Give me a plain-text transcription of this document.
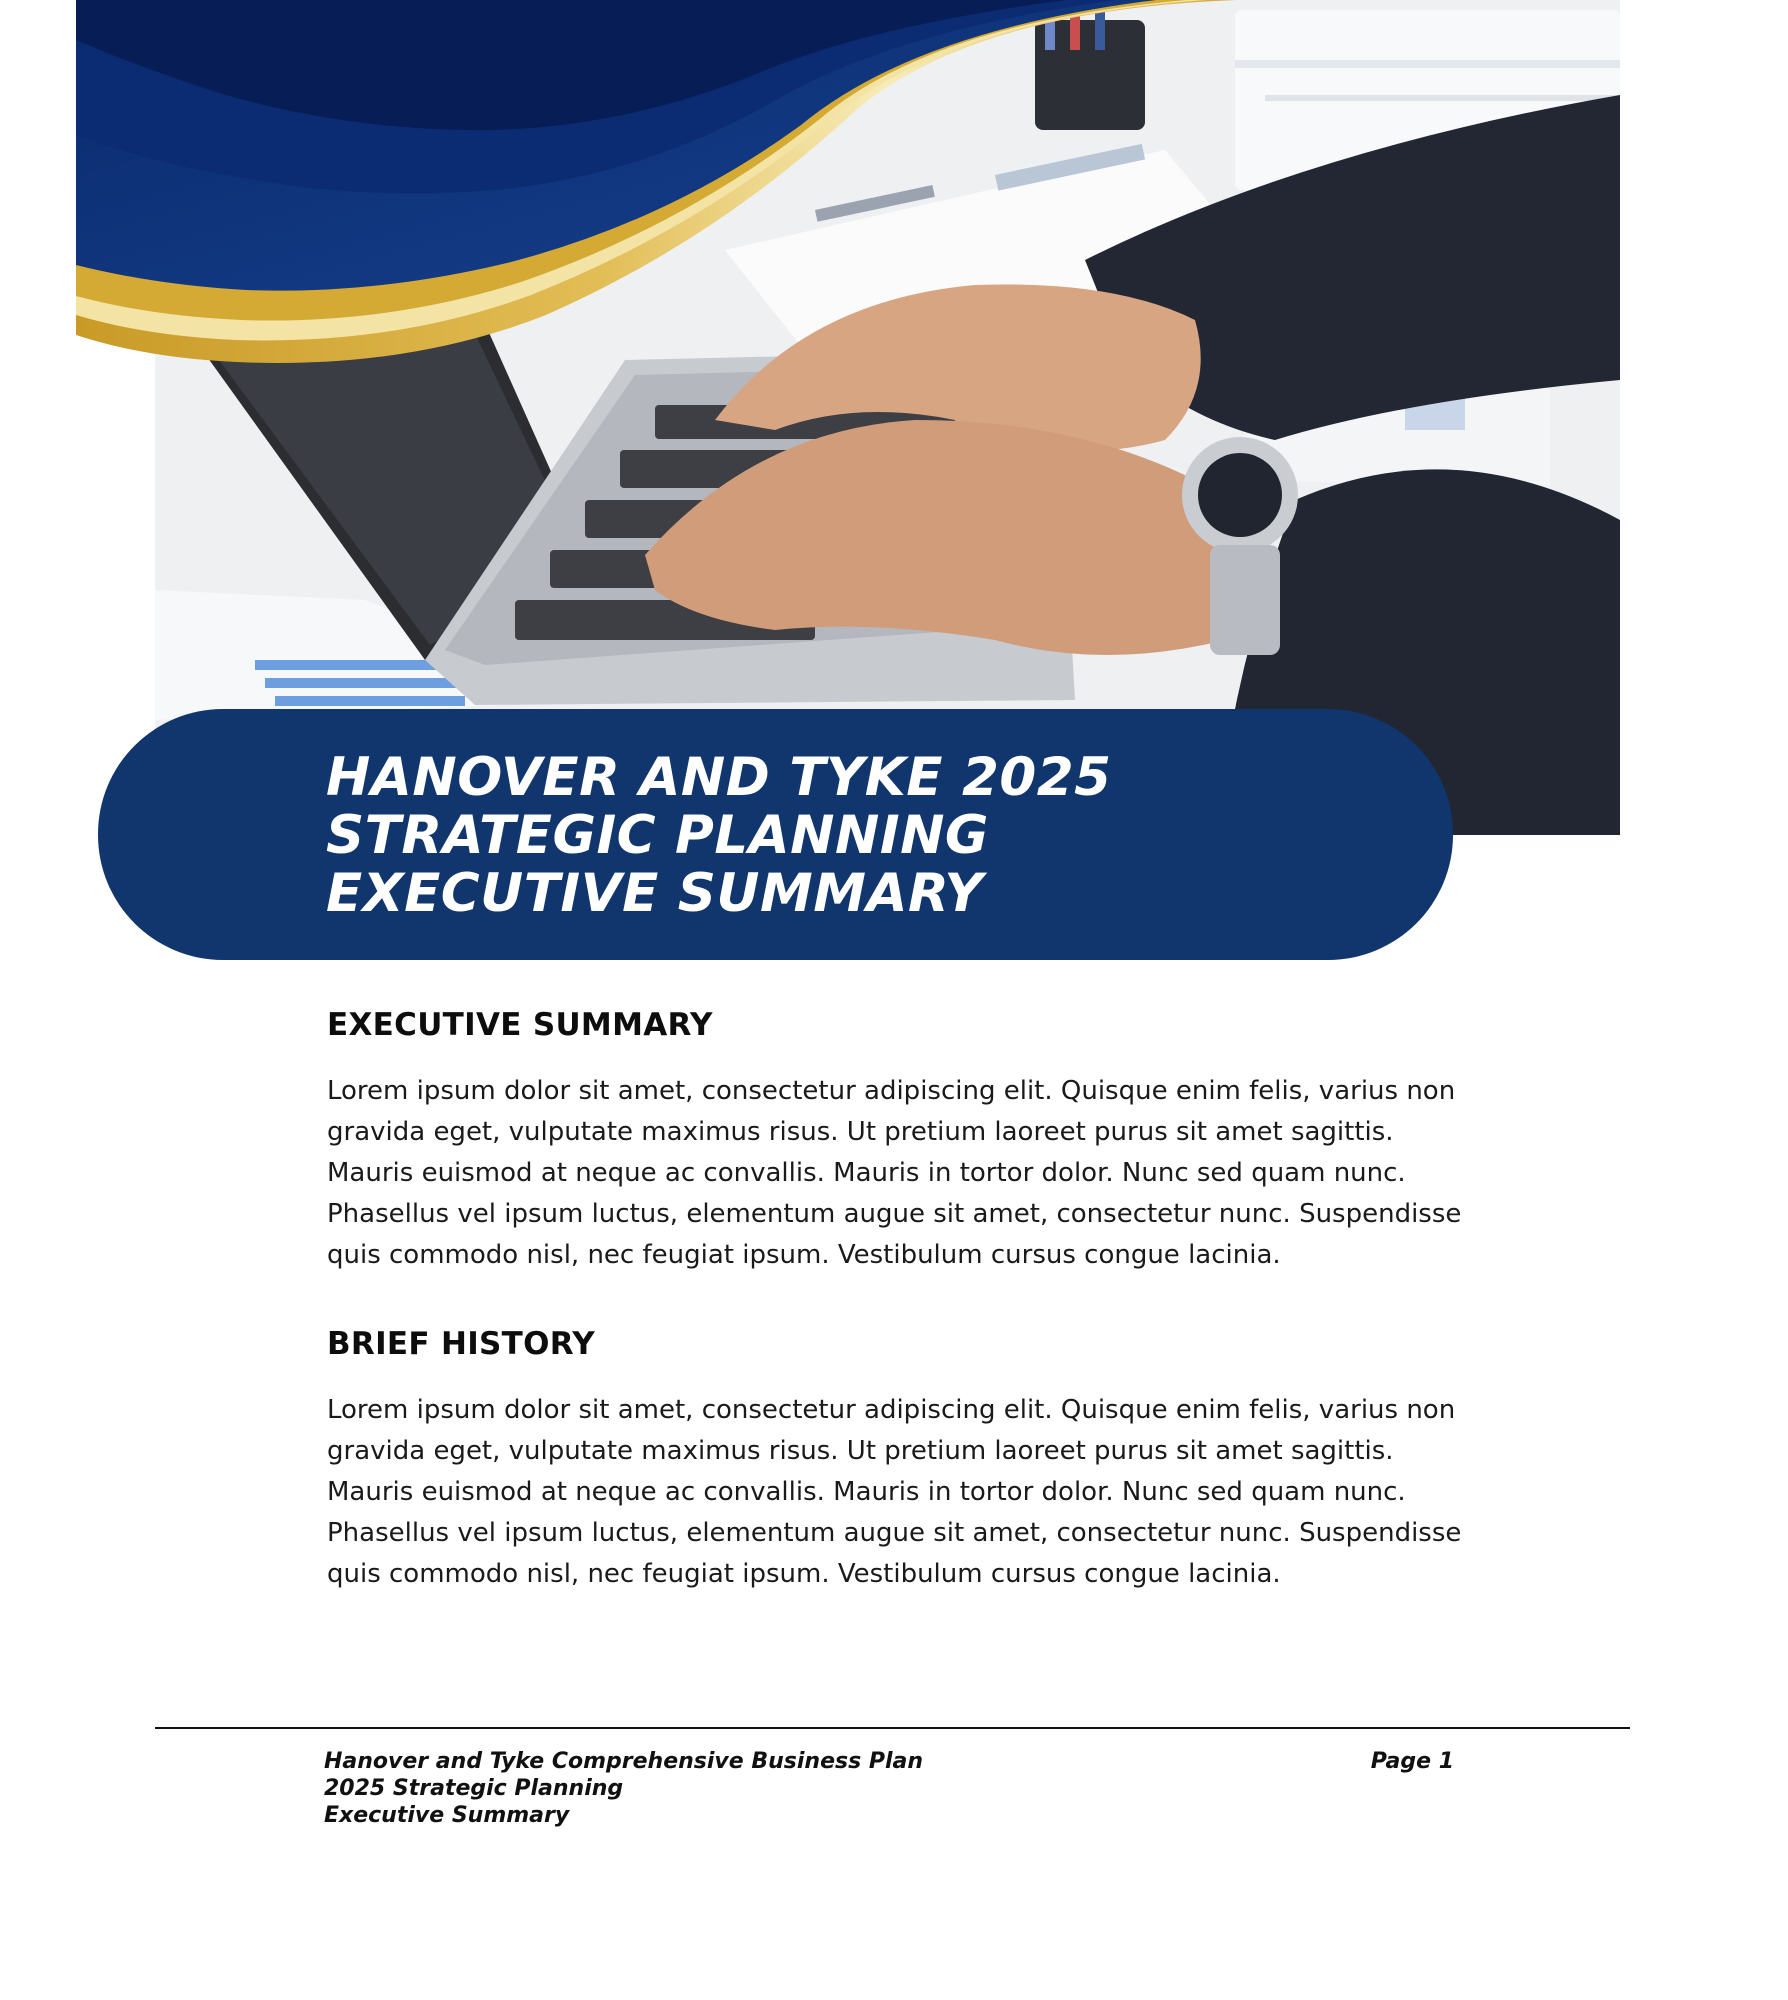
HANOVER AND TYKE 2025
STRATEGIC PLANNING
EXECUTIVE SUMMARY
EXECUTIVE SUMMARY

Lorem ipsum dolor sit amet, consectetur adipiscing elit. Quisque enim felis, varius non gravida eget, vulputate maximus risus. Ut pretium laoreet purus sit amet sagittis. Mauris euismod at neque ac convallis. Mauris in tortor dolor. Nunc sed quam nunc. Phasellus vel ipsum luctus, elementum augue sit amet, consectetur nunc. Suspendisse quis commodo nisl, nec feugiat ipsum. Vestibulum cursus congue lacinia.

BRIEF HISTORY

Lorem ipsum dolor sit amet, consectetur adipiscing elit. Quisque enim felis, varius non gravida eget, vulputate maximus risus. Ut pretium laoreet purus sit amet sagittis. Mauris euismod at neque ac convallis. Mauris in tortor dolor. Nunc sed quam nunc. Phasellus vel ipsum luctus, elementum augue sit amet, consectetur nunc. Suspendisse quis commodo nisl, nec feugiat ipsum. Vestibulum cursus congue lacinia.

Hanover and Tyke Comprehensive Business Plan
2025 Strategic Planning
Executive Summary
Page 1
